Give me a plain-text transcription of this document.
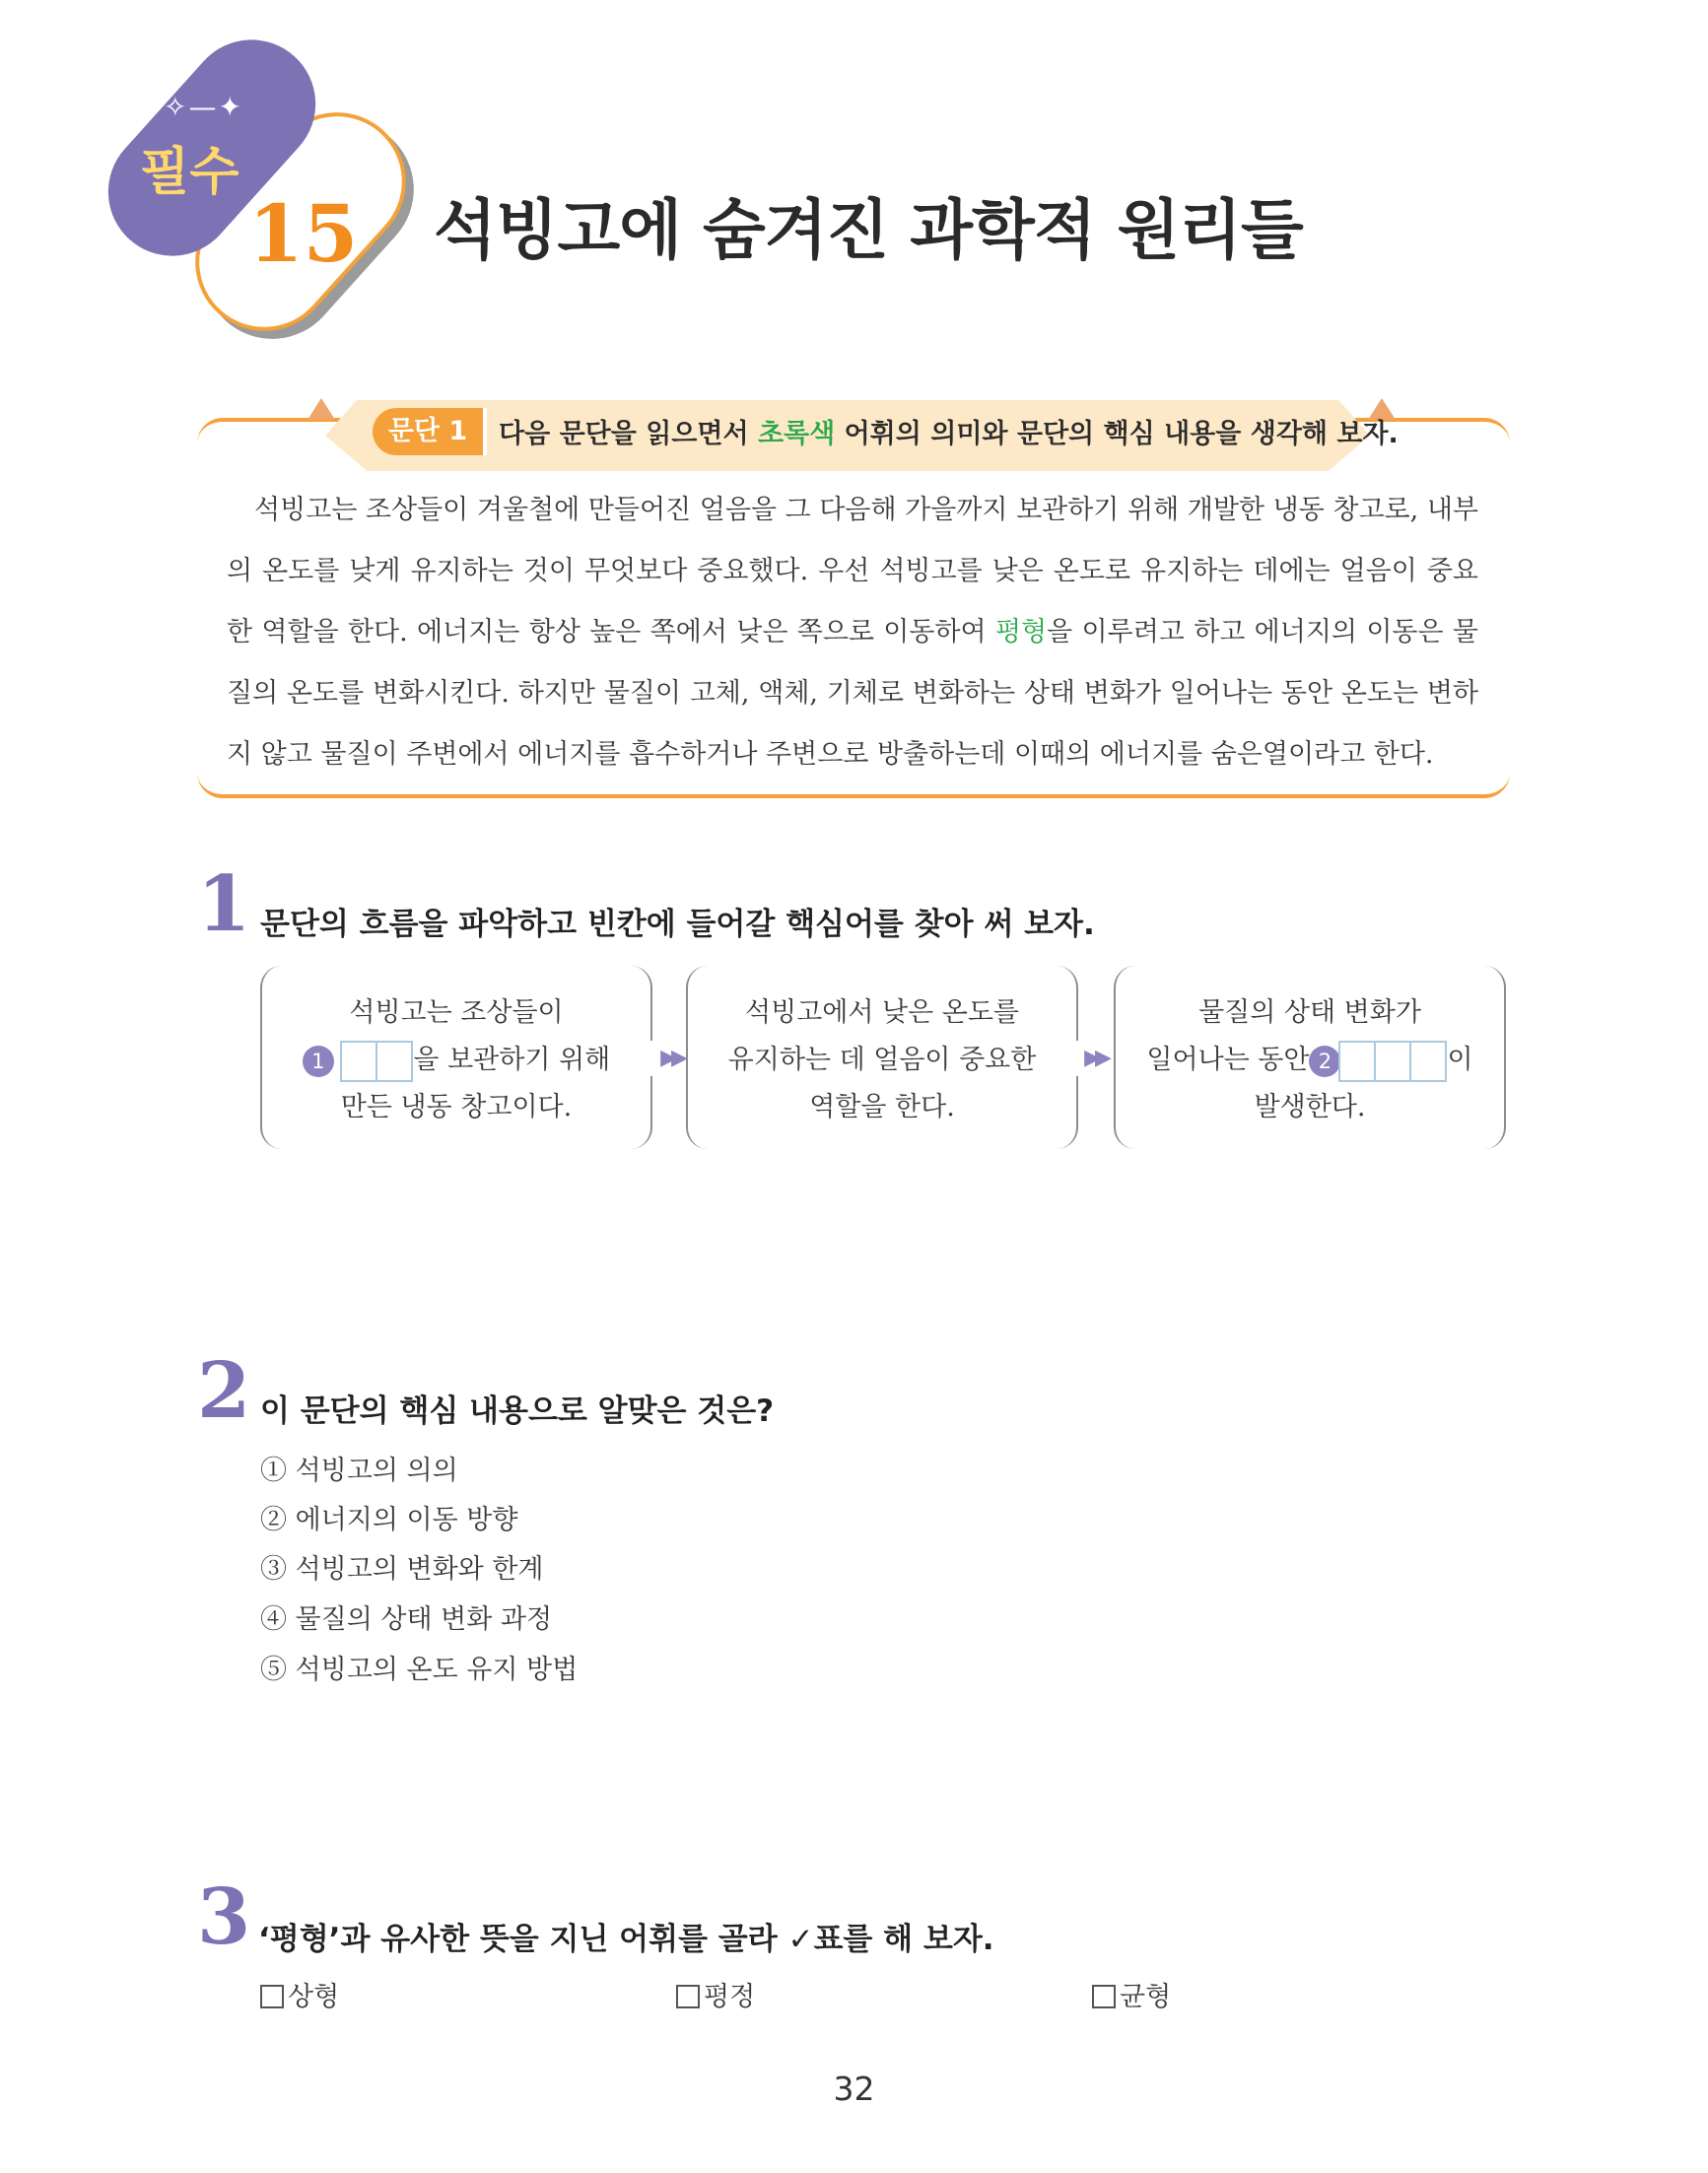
✧—✦
필수
15 석빙고에 숨겨진 과학적 원리들
문단 1	다음 문단을 읽으면서 초록색 어휘의 의미와 문단의 핵심 내용을 생각해 보자.
석빙고는 조상들이 겨울철에 만들어진 얼음을 그 다음해 가을까지 보관하기 위해 개발한 냉동 창고로, 내부의 온도를 낮게 유지하는 것이 무엇보다 중요했다. 우선 석빙고를 낮은 온도로 유지하는 데에는 얼음이 중요한 역할을 한다. 에너지는 항상 높은 쪽에서 낮은 쪽으로 이동하여 평형을 이루려고 하고 에너지의 이동은 물질의 온도를 변화시킨다. 하지만 물질이 고체, 액체, 기체로 변화하는 상태 변화가 일어나는 동안 온도는 변하지 않고 물질이 주변에서 에너지를 흡수하거나 주변으로 방출하는데 이때의 에너지를 숨은열이라고 한다.
1 문단의 흐름을 파악하고 빈칸에 들어갈 핵심어를 찾아 써 보자.
석빙고는 조상들이
1	을 보관하기 위해
만든 냉동 창고이다.
▶▶
석빙고에서 낮은 온도를
유지하는 데 얼음이 중요한
역할을 한다.
▶▶
물질의 상태 변화가
일어나는 동안 2	이
발생한다.
2 이 문단의 핵심 내용으로 알맞은 것은?
① 석빙고의 의의
② 에너지의 이동 방향
③ 석빙고의 변화와 한계
④ 물질의 상태 변화 과정
⑤ 석빙고의 온도 유지 방법
3 ‘평형’과 유사한 뜻을 지닌 어휘를 골라 ✓표를 해 보자.
상형	평정	균형
32
